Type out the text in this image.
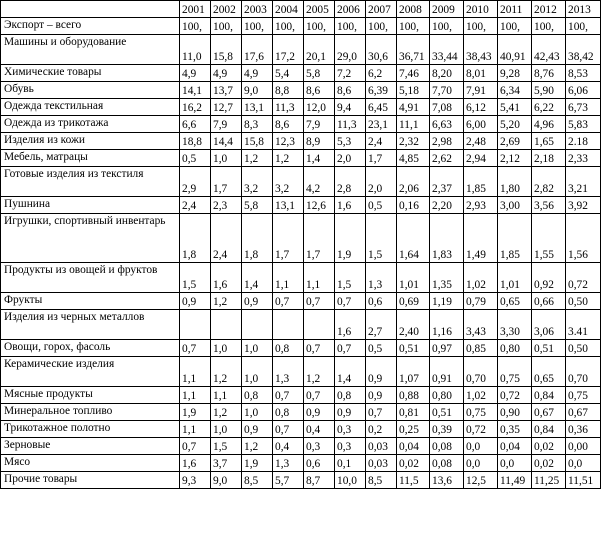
	2001	2002	2003	2004	2005	2006	2007	2008	2009	2010	2011	2012	2013
Экспорт – всего	100,	100,	100,	100,	100,	100,	100,	100,	100,	100,	100,	100,	100,
Машины и оборудование	11,0	15,8	17,6	17,2	20,1	29,0	30,6	36,71	33,44	38,43	40,91	42,43	38,42
Химические товары	4,9	4,9	4,9	5,4	5,8	7,2	6,2	7,46	8,20	8,01	9,28	8,76	8,53
Обувь	14,1	13,7	9,0	8,8	8,6	8,6	6,39	5,18	7,70	7,91	6,34	5,90	6,06
Одежда текстильная	16,2	12,7	13,1	11,3	12,0	9,4	6,45	4,91	7,08	6,12	5,41	6,22	6,73
Одежда из трикотажа	6,6	7,9	8,3	8,6	7,9	11,3	23,1	11,1	6,63	6,00	5,20	4,96	5,83
Изделия из кожи	18,8	14,4	15,8	12,3	8,9	5,3	2,4	2,32	2,98	2,48	2,69	1,65	2.18
Мебель, матрацы	0,5	1,0	1,2	1,2	1,4	2,0	1,7	4,85	2,62	2,94	2,12	2,18	2,33
Готовые изделия из текстиля	2,9	1,7	3,2	3,2	4,2	2,8	2,0	2,06	2,37	1,85	1,80	2,82	3,21
Пушнина	2,4	2,3	5,8	13,1	12,6	1,6	0,5	0,16	2,20	2,93	3,00	3,56	3,92
Игрушки, спортивный инвентарь	1,8	2,4	1,8	1,7	1,7	1,9	1,5	1,64	1,83	1,49	1,85	1,55	1,56
Продукты из овощей и фруктов	1,5	1,6	1,4	1,1	1,1	1,5	1,3	1,01	1,35	1,02	1,01	0,92	0,72
Фрукты	0,9	1,2	0,9	0,7	0,7	0,7	0,6	0,69	1,19	0,79	0,65	0,66	0,50
Изделия из черных металлов						1,6	2,7	2,40	1,16	3,43	3,30	3,06	3.41
Овощи, горох, фасоль	0,7	1,0	1,0	0,8	0,7	0,7	0,5	0,51	0,97	0,85	0,80	0,51	0,50
Керамические изделия	1,1	1,2	1,0	1,3	1,2	1,4	0,9	1,07	0,91	0,70	0,75	0,65	0,70
Мясные продукты	1,1	1,1	0,8	0,7	0,7	0,8	0,9	0,88	0,80	1,02	0,72	0,84	0,75
Минеральное топливо	1,9	1,2	1,0	0,8	0,9	0,9	0,7	0,81	0,51	0,75	0,90	0,67	0,67
Трикотажное полотно	1,1	1,0	0,9	0,7	0,4	0,3	0,2	0,25	0,39	0,72	0,35	0,84	0,36
Зерновые	0,7	1,5	1,2	0,4	0,3	0,3	0,03	0,04	0,08	0,0	0,04	0,02	0,00
Мясо	1,6	3,7	1,9	1,3	0,6	0,1	0,03	0,02	0,08	0,0	0,0	0,02	0,0
Прочие товары	9,3	9,0	8,5	5,7	8,7	10,0	8,5	11,5	13,6	12,5	11,49	11,25	11,51
